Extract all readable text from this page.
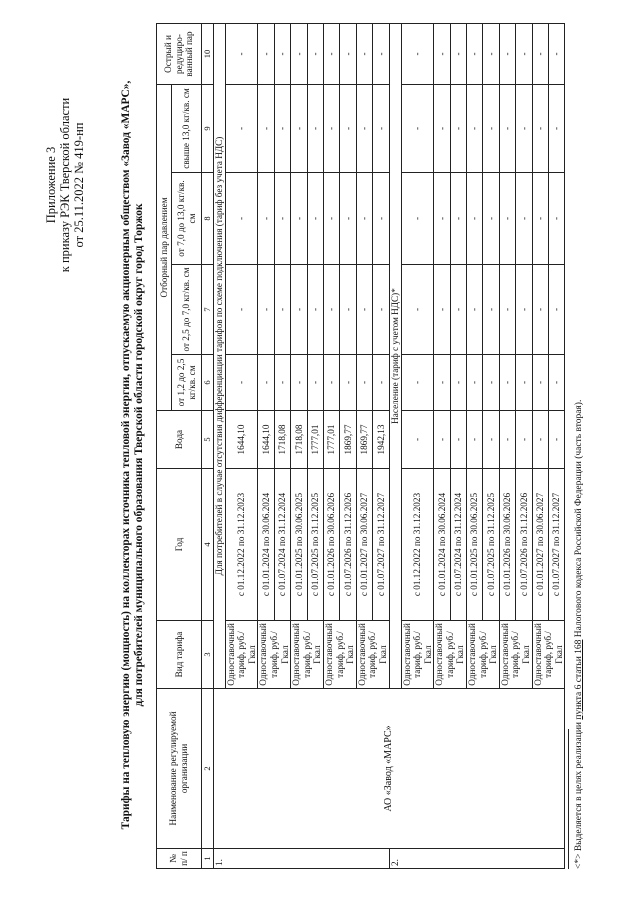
Приложение 3 к приказу РЭК Тверской области от 25.11.2022 № 419-нп	Тарифы на тепловую энергию (мощность) на коллекторах источника тепловой энергии, отпускаемую акционерным обществом «Завод «МАРС», для потребителей муниципального образования Тверской области городской округ город Торжок
№ п/ п	Наименование регулируемой организации	Вид тарифа	Год	Вода	Отборный пар давлением				Острый и редуциро-ванный пар
					от 1,2 до 2,5 кг/кв. см	от 2,5 до 7,0 кг/кв. см	от 7,0 до 13,0 кг/кв. см	свыше 13,0 кг/кв. см	
1	2	3	4	5	6	7	8	9	10
1.	АО «Завод «МАРС»	Для потребителей в случае отсутствия дифференциации тарифов по схеме подключения (тариф без учета НДС)							
		Одноставочный тариф, руб./Гкал	с 01.12.2022 по 31.12.2023	1644,10	-	-	-	-	-
		Одноставочный тариф, руб./Гкал	с 01.01.2024 по 30.06.2024	1644,10	-	-	-	-	-
			с 01.07.2024 по 31.12.2024	1718,08	-	-	-	-	-
		Одноставочный тариф, руб./Гкал	с 01.01.2025 по 30.06.2025	1718,08	-	-	-	-	-
			с 01.07.2025 по 31.12.2025	1777,01	-	-	-	-	-
		Одноставочный тариф, руб./Гкал	с 01.01.2026 по 30.06.2026	1777,01	-	-	-	-	-
			с 01.07.2026 по 31.12.2026	1869,77	-	-	-	-	-
		Одноставочный тариф, руб./Гкал	с 01.01.2027 по 30.06.2027	1869,77	-	-	-	-	-
			с 01.07.2027 по 31.12.2027	1942,13	-	-	-	-	-
2.		Население (тариф с учетом НДС)*							
		Одноставочный тариф, руб./Гкал	с 01.12.2022 по 31.12.2023	-	-	-	-	-	-
		Одноставочный тариф, руб./Гкал	с 01.01.2024 по 30.06.2024	-	-	-	-	-	-
			с 01.07.2024 по 31.12.2024	-	-	-	-	-	-
		Одноставочный тариф, руб./Гкал	с 01.01.2025 по 30.06.2025	-	-	-	-	-	-
			с 01.07.2025 по 31.12.2025	-	-	-	-	-	-
		Одноставочный тариф, руб./Гкал	с 01.01.2026 по 30.06.2026	-	-	-	-	-	-
			с 01.07.2026 по 31.12.2026	-	-	-	-	-	-
		Одноставочный тариф, руб./Гкал	с 01.01.2027 по 30.06.2027	-	-	-	-	-	-
			с 01.07.2027 по 31.12.2027	-	-	-	-	-	-
<*> Выделяется в целях реализации пункта 6 статьи 168 Налогового кодекса Российской Федерации (часть вторая).
